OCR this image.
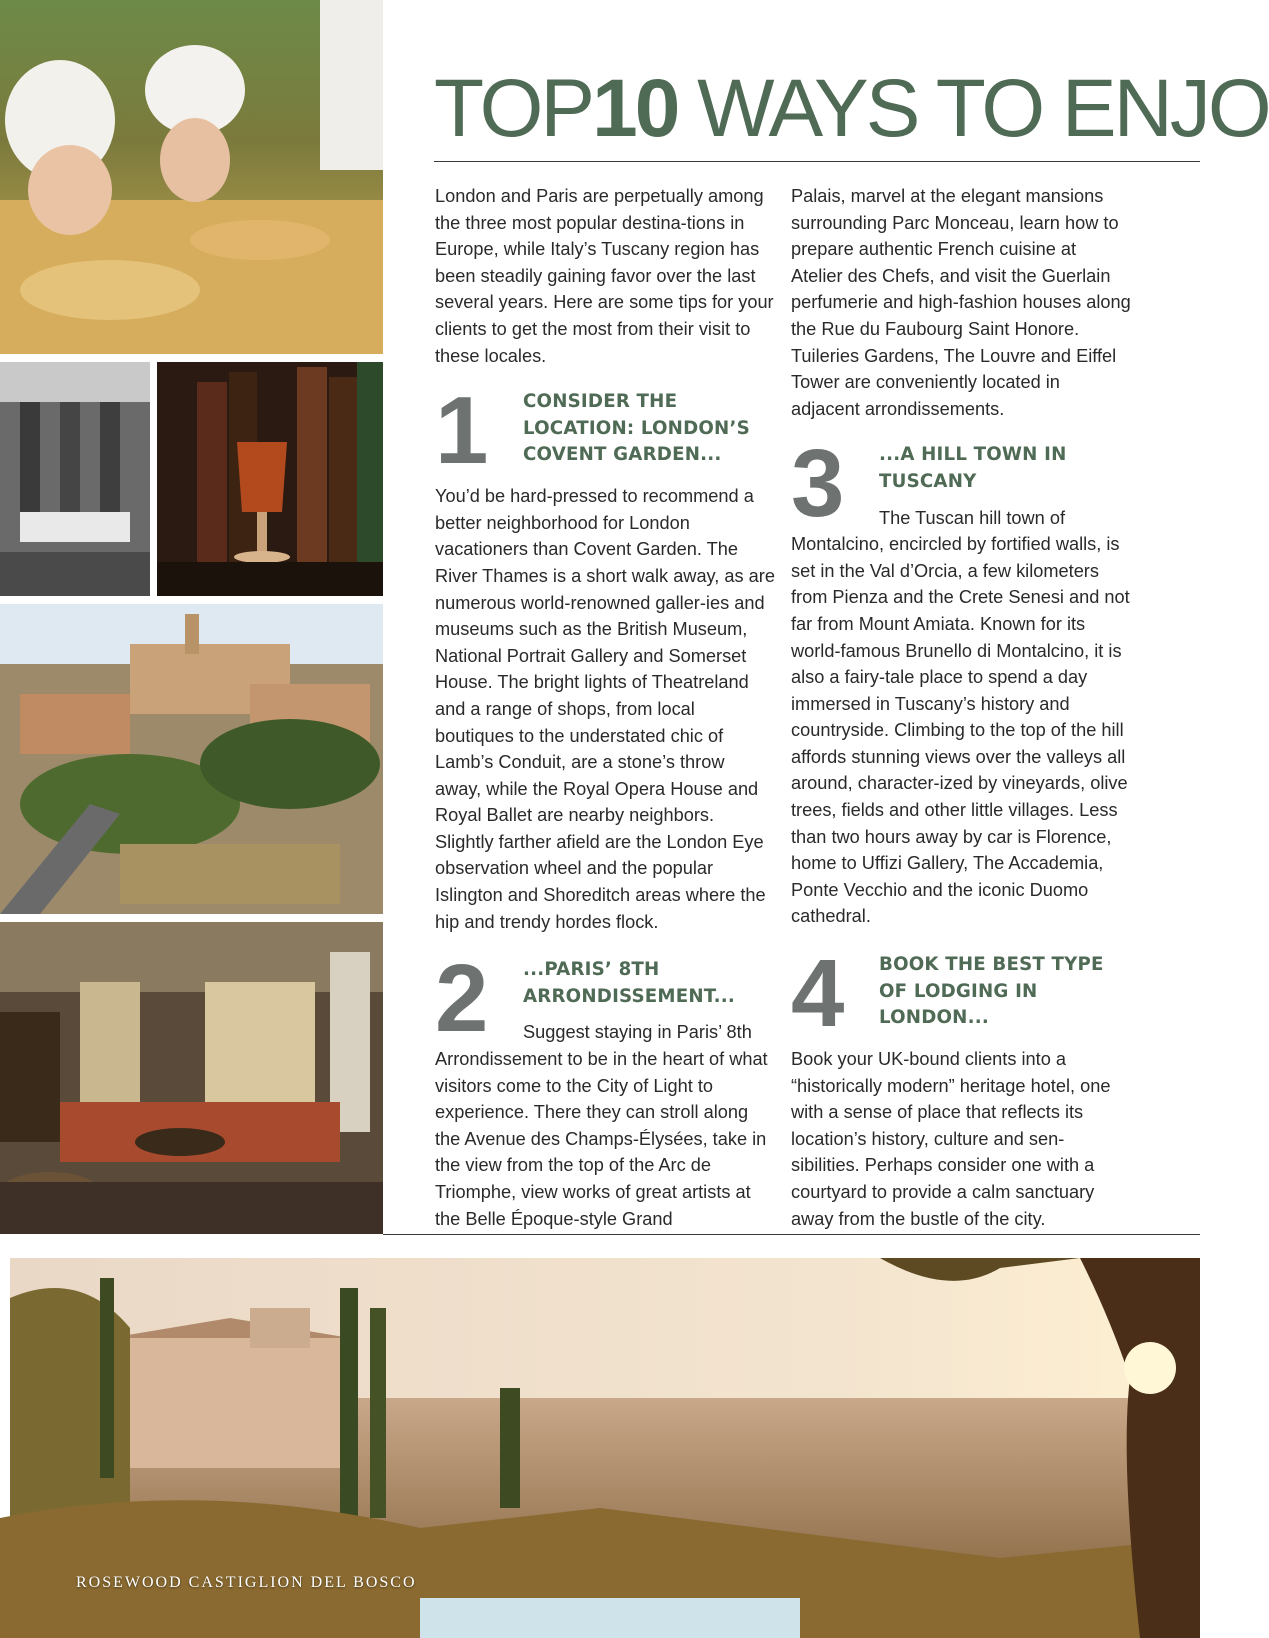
TOP10 WAYS TO ENJO

London and Paris are perpetually among the three most popular destina-tions in Europe, while Italy’s Tuscany region has been steadily gaining favor over the last several years. Here are some tips for your clients to get the most from their visit to these locales.

1	CONSIDER THE LOCATION: LONDON’S COVENT GARDEN...

You’d be hard-pressed to recommend a better neighborhood for London vacationers than Covent Garden. The River Thames is a short walk away, as are numerous world-renowned galler-ies and museums such as the British Museum, National Portrait Gallery and Somerset House. The bright lights of Theatreland and a range of shops, from local boutiques to the understated chic of Lamb’s Conduit, are a stone’s throw away, while the Royal Opera House and Royal Ballet are nearby neighbors. Slightly farther afield are the London Eye observation wheel and the popular Islington and Shoreditch areas where the hip and trendy hordes flock.

2	...PARIS’ 8TH ARRONDISSEMENT...

Suggest staying in Paris’ 8th

Arrondissement to be in the heart of what visitors come to the City of Light to experience. There they can stroll along the Avenue des Champs-Élysées, take in the view from the top of the Arc de Triomphe, view works of great artists at the Belle Époque-style Grand

Palais, marvel at the elegant mansions surrounding Parc Monceau, learn how to prepare authentic French cuisine at Atelier des Chefs, and visit the Guerlain perfumerie and high-fashion houses along the Rue du Faubourg Saint Honore. Tuileries Gardens, The Louvre and Eiffel Tower are conveniently located in adjacent arrondissements.

3	...A HILL TOWN IN TUSCANY

The Tuscan hill town of

Montalcino, encircled by fortified walls, is set in the Val d’Orcia, a few kilometers from Pienza and the Crete Senesi and not far from Mount Amiata. Known for its world-famous Brunello di Montalcino, it is also a fairy-tale place to spend a day immersed in Tuscany’s history and countryside. Climbing to the top of the hill affords stunning views over the valleys all around, character-ized by vineyards, olive trees, fields and other little villages. Less than two hours away by car is Florence, home to Uffizi Gallery, The Accademia, Ponte Vecchio and the iconic Duomo cathedral.

4	BOOK THE BEST TYPE OF LODGING IN LONDON...

Book your UK-bound clients into a “historically modern” heritage hotel, one with a sense of place that reflects its location’s history, culture and sen-sibilities. Perhaps consider one with a courtyard to provide a calm sanctuary away from the bustle of the city.

ROSEWOOD CASTIGLION DEL BOSCO
